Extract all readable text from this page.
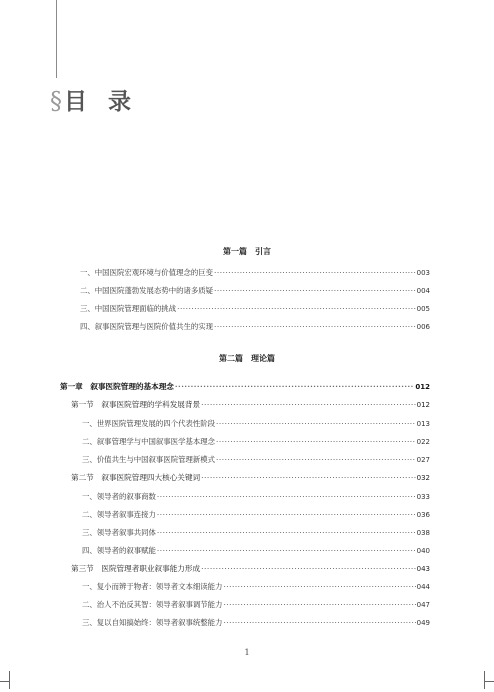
§目 录
第一篇　引言
一、中国医院宏观环境与价值理念的巨变 ·····	003
二、中国医院蓬勃发展态势中的诸多质疑 ·····	004
三、中国医院管理面临的挑战 ·····	005
四、叙事医院管理与医院价值共生的实现 ·····	006
第二篇　理论篇
第一章　叙事医院管理的基本理念 ·····	012
第一节　叙事医院管理的学科发展背景 ·····	012
一、世界医院管理发展的四个代表性阶段 ·····	013
二、叙事管理学与中国叙事医学基本理念 ·····	022
三、价值共生与中国叙事医院管理新模式 ·····	027
第二节　叙事医院管理四大核心关键词 ·····	032
一、领导者的叙事商数 ·····	033
二、领导者叙事连接力 ·····	036
三、领导者叙事共同体 ·····	038
四、领导者的叙事赋能 ·····	040
第三节　医院管理者职业叙事能力形成 ·····	043
一、复小而辨于物者：领导者文本细读能力 ·····	044
二、治人不治反其智：领导者叙事调节能力 ·····	047
三、复以自知搞始终：领导者叙事统整能力 ·····	049
1
